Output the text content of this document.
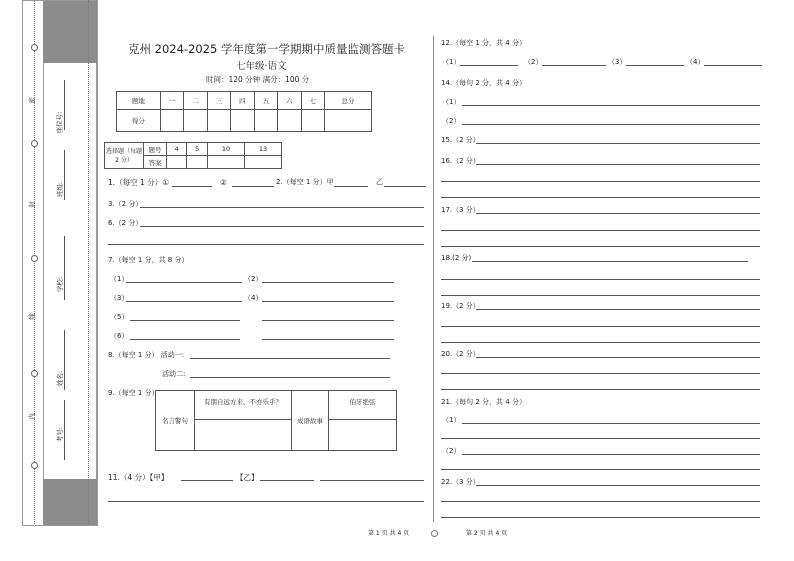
密
封
线
内
座位号:
班级:
学校:
姓名:
考号:
克州 2024-2025 学年度第一学期期中质量监测答题卡
七年级·语文
时间：120 分钟 满分：100 分
题地	一	二	三	四	五	六	七	总分
得分								
选择题（每题 2 分）	题号	4	5	10	13
	答案				
1.（每空 1 分）①	②	2.（每空 1 分）甲	乙
3.（2 分）
6.（2 分）
7.（每空 1 分，共 8 分）
（1）	（2）
（3）	（4）
（5）
（6）
8.（每空 1 分） 活动一:
活动二:
9.（每空 1 分）
名言警句	有朋自远方来，不亦乐乎？	成语故事	伯牙绝弦

11.（4 分）【甲】	【乙】
12.（每空 1 分，共 4 分）
（1）	（2）	（3）	（4）
14.（每句 2 分，共 4 分）
（1）
（2）
15.（2 分）
16.（2 分）
17.（3 分）
18.(2 分)
19.（2 分）
20.（2 分）
21.（每句 2 分，共 4 分）
（1）
（2）
22.（3 分）
第 1 页 共 4 页	第 2 页 共 4 页
